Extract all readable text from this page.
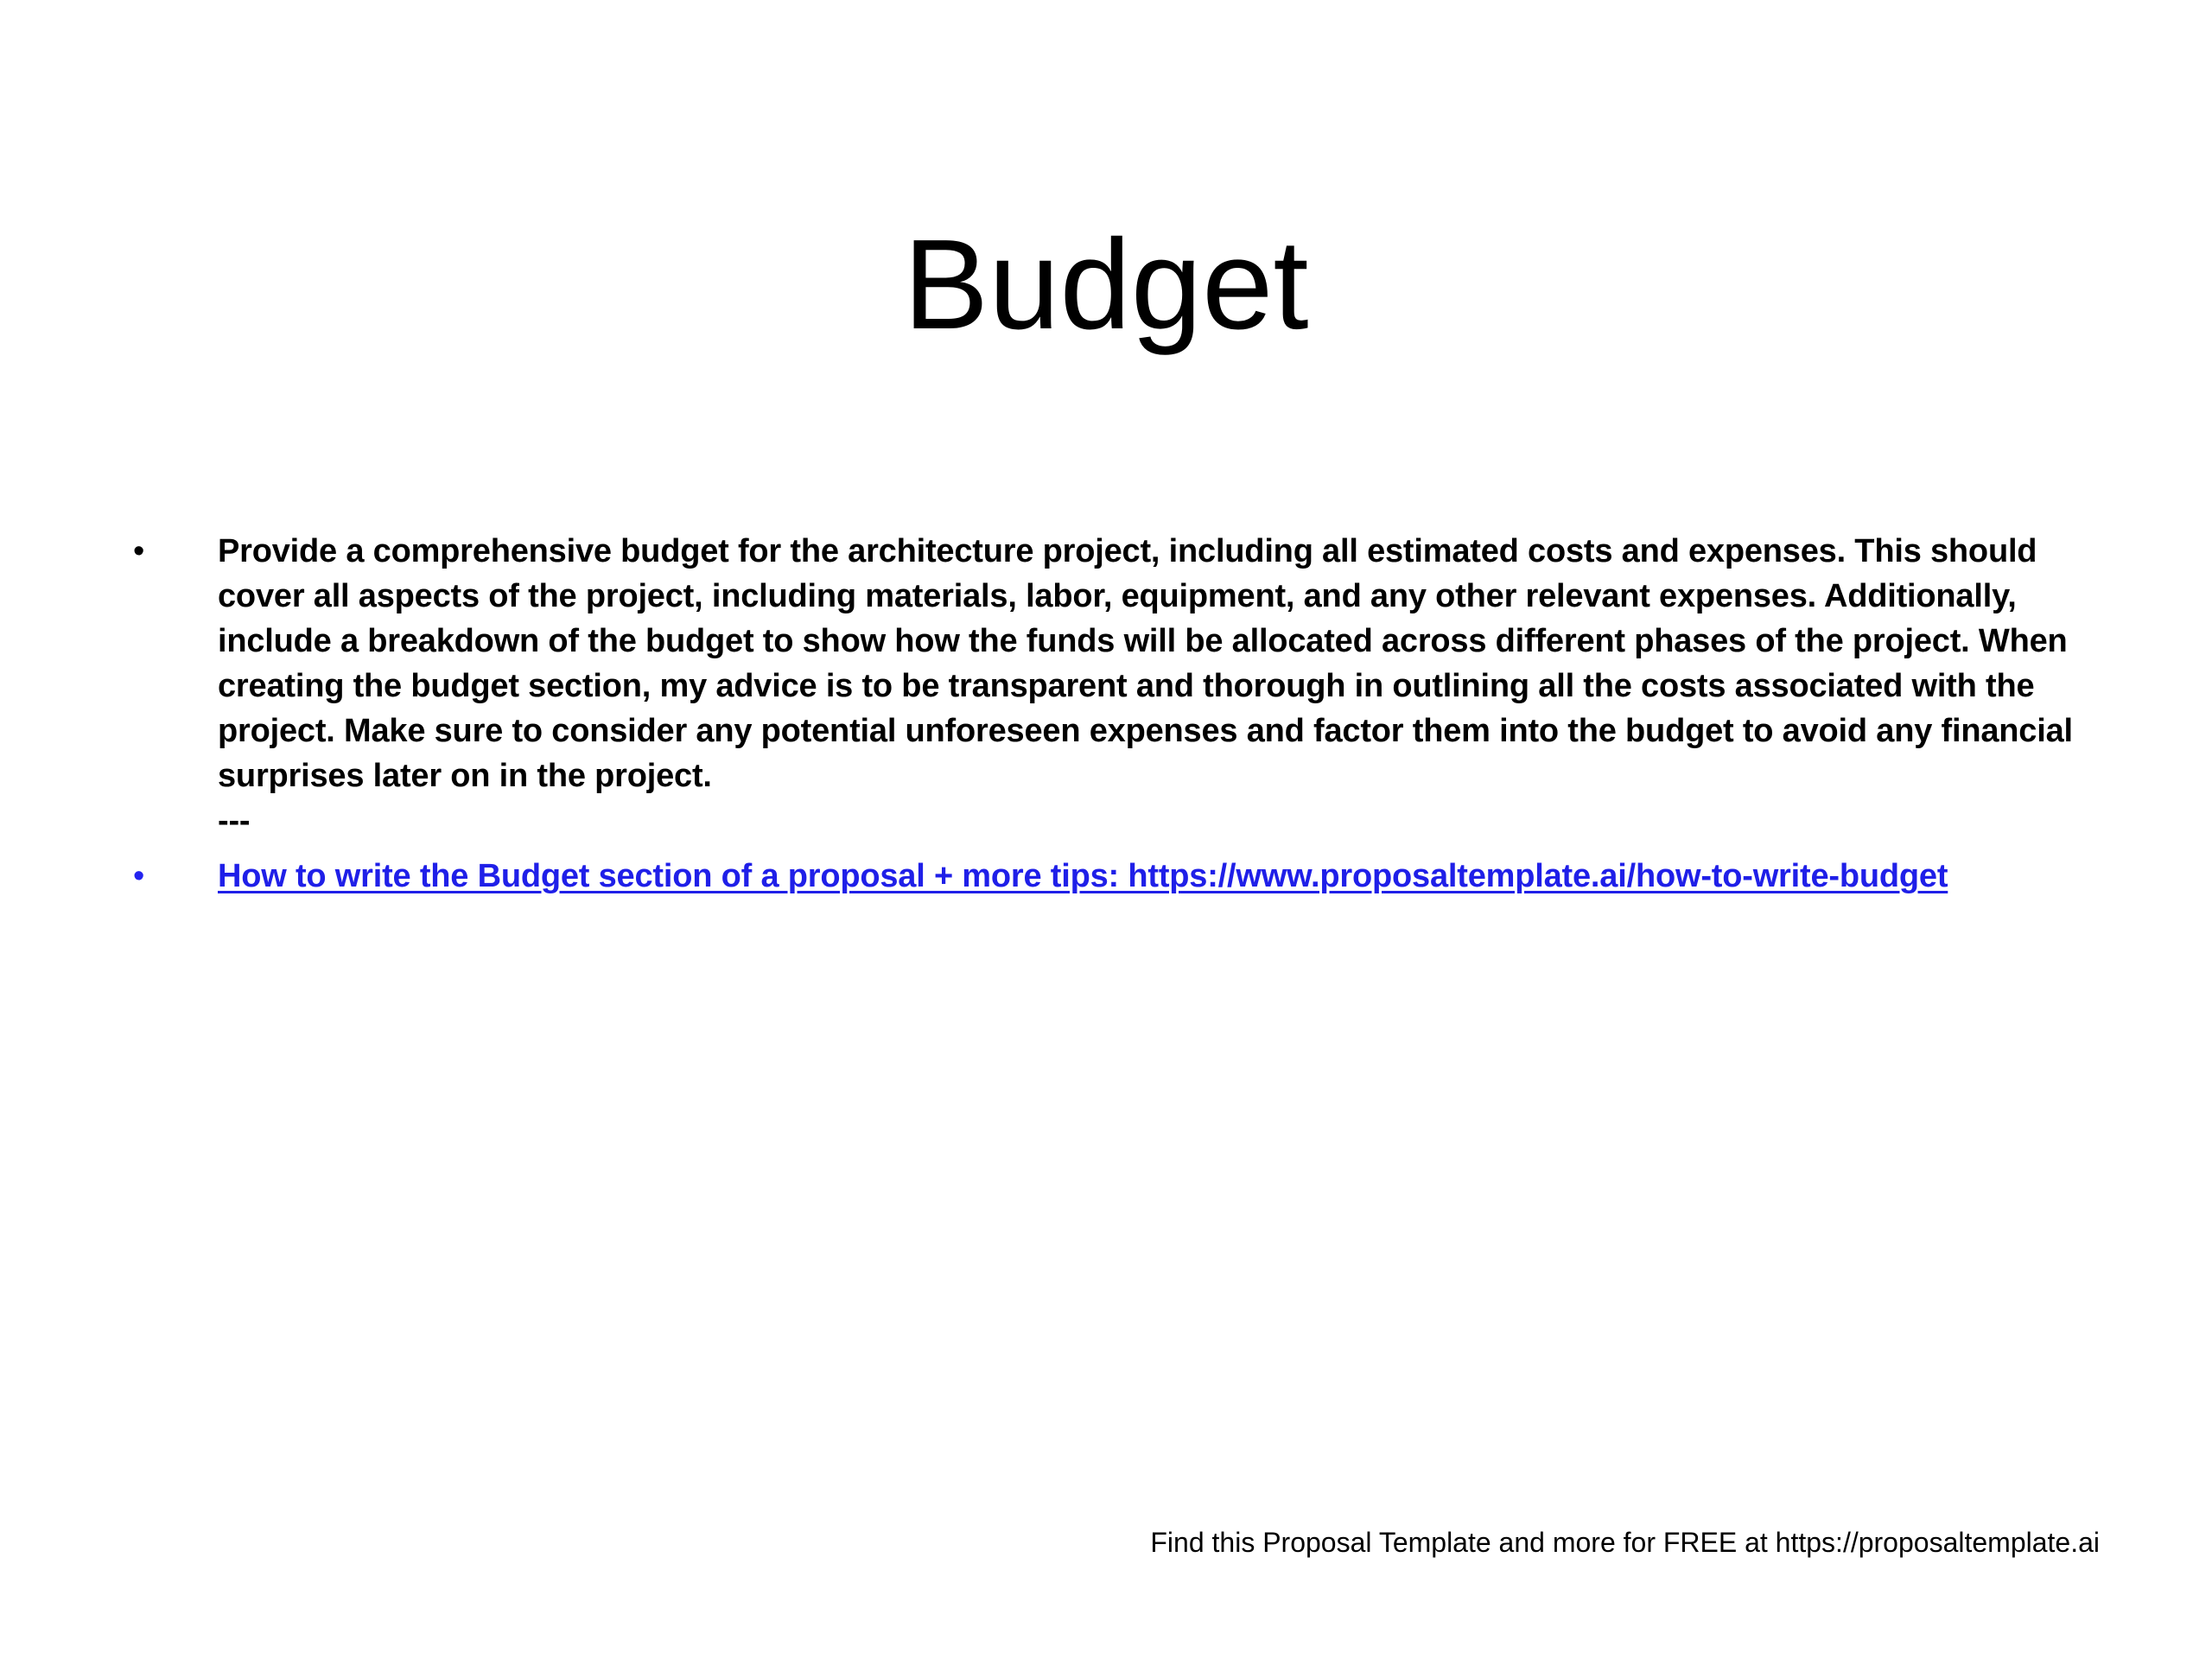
Budget
• Provide a comprehensive budget for the architecture project, including all estimated costs and expenses. This should cover all aspects of the project, including materials, labor, equipment, and any other relevant expenses. Additionally, include a breakdown of the budget to show how the funds will be allocated across different phases of the project. When creating the budget section, my advice is to be transparent and thorough in outlining all the costs associated with the project. Make sure to consider any potential unforeseen expenses and factor them into the budget to avoid any financial surprises later on in the project.
---
• How to write the Budget section of a proposal + more tips: https://www.proposaltemplate.ai/how-to-write-budget
Find this Proposal Template and more for FREE at https://proposaltemplate.ai
